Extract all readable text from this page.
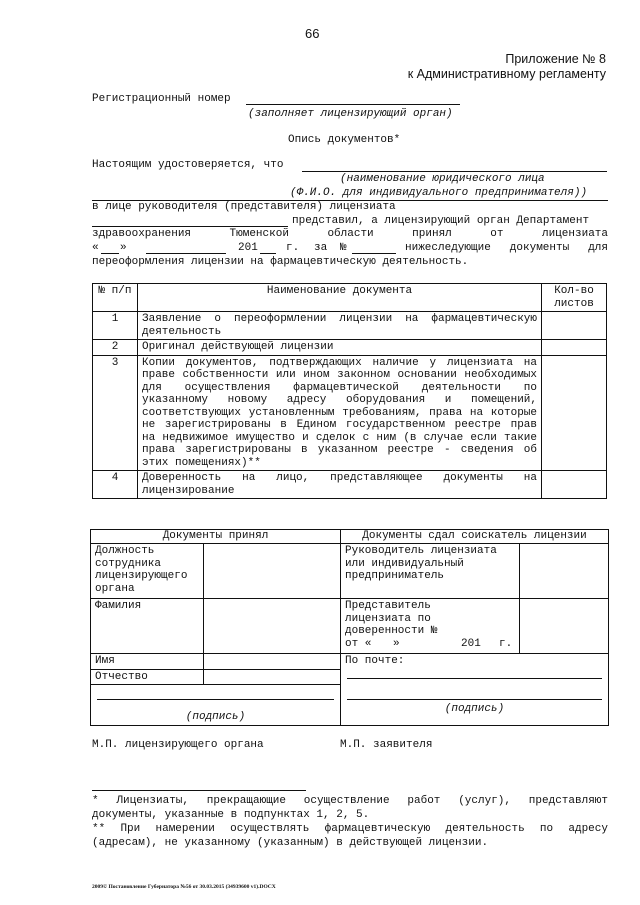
66
Приложение № 8
к Административному регламенту
Регистрационный номер
(заполняет лицензирующий орган)
Опись документов*
Настоящим удостоверяется, что
(наименование юридического лица
(Ф.И.О. для индивидуального предпринимателя))
в лице руководителя (представителя) лицензиата
представил, а лицензирующий орган Департамент
здравоохранения	Тюменской	области	принял	от	лицензиата
« »	201	г. за №	нижеследующие документы для
переоформления лицензии на фармацевтическую деятельность.
№ п/п	Наименование документа	Кол-во листов
1	Заявление о переоформлении лицензии на фармацевтическую деятельность	
2	Оригинал действующей лицензии	
3	Копии документов, подтверждающих наличие у лицензиата на праве собственности или ином законном основании необходимых для осуществления фармацевтической деятельности по указанному новому адресу оборудования и помещений, соответствующих установленным требованиям, права на которые не зарегистрированы в Едином государственном реестре прав на недвижимое имущество и сделок с ним (в случае если такие права зарегистрированы в указанном реестре - сведения об этих помещениях)**	
4	Доверенность на лицо, представляющее документы на лицензирование	
Документы принял	Документы сдал соискатель лицензии
Должность сотрудника лицензирующего органа		Руководитель лицензиата или индивидуальный предприниматель	
Фамилия		Представитель лицензиата по доверенности №
от « »	201 г.

Имя	
Отчество	

(подпись)

По почте:
(подпись)
М.П. лицензирующего органа	М.П. заявителя
* Лицензиаты, прекращающие осуществление работ (услуг), представляют документы, указанные в подпунктах 1, 2, 5.
** При намерении осуществлять фармацевтическую деятельность по адресу (адресам), не указанному (указанным) в действующей лицензии.
2009© Постановление Губернатора №56 от 30.03.2015 (34939600 v1).DOCX
